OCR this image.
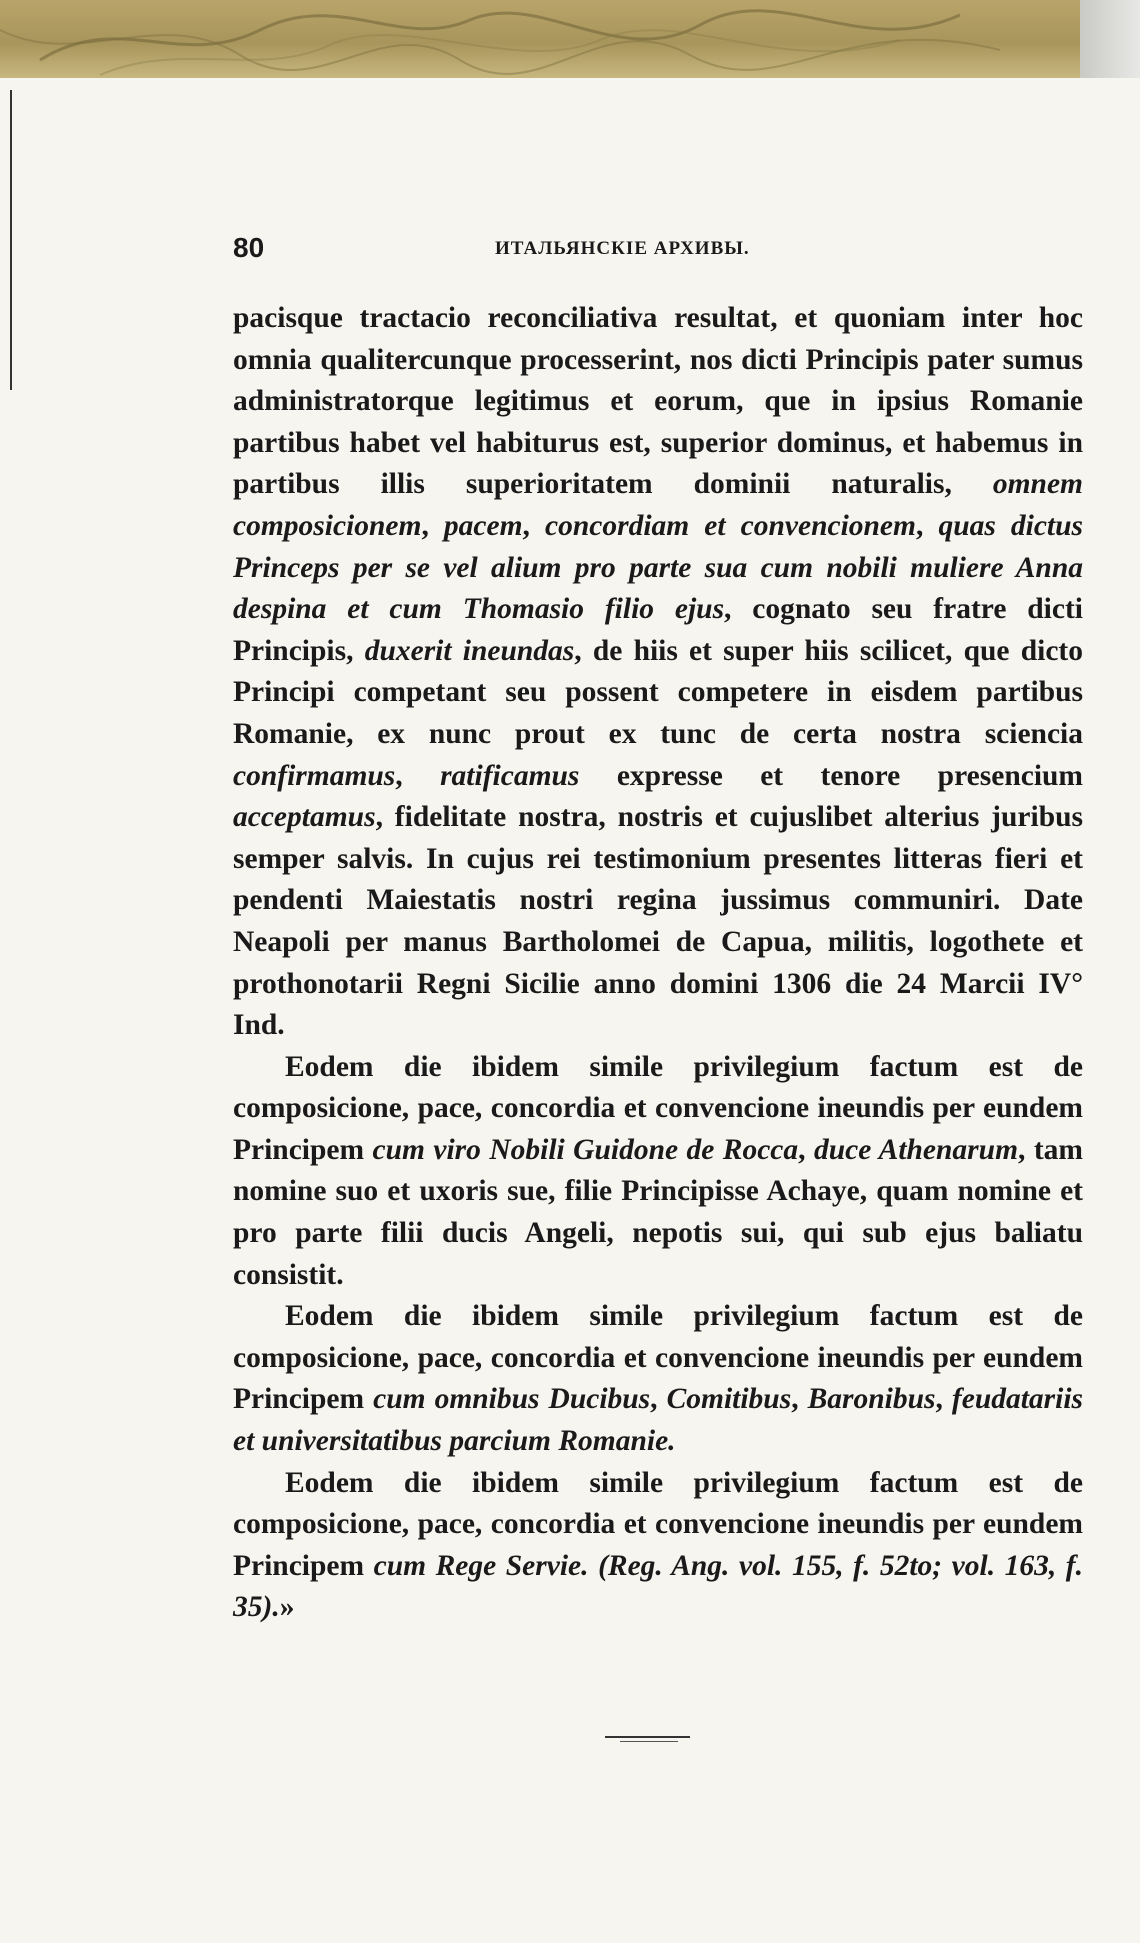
80	ИТАЛЬЯНСКІЕ АРХИВЫ.

pacisque tractacio reconciliativa resultat, et quoniam inter hoc omnia qualitercunque processerint, nos dicti Principis pater sumus administratorque legitimus et eorum, que in ipsius Romanie partibus habet vel habiturus est, superior dominus, et habemus in partibus illis superioritatem dominii naturalis, omnem composicionem, pacem, concordiam et convencionem, quas dictus Princeps per se vel alium pro parte sua cum nobili muliere Anna despina et cum Thomasio filio ejus, cognato seu fratre dicti Principis, duxerit ineundas, de hiis et super hiis scilicet, que dicto Principi competant seu possent competere in eisdem partibus Romanie, ex nunc prout ex tunc de certa nostra sciencia confirmamus, ratificamus expresse et tenore presencium acceptamus, fidelitate nostra, nostris et cujuslibet alterius juribus semper salvis. In cujus rei testimonium presentes litteras fieri et pendenti Maiestatis nostri regina jussimus communiri. Date Neapoli per manus Bartholomei de Capua, militis, logothete et prothonotarii Regni Sicilie anno domini 1306 die 24 Marcii IV° Ind.

Eodem die ibidem simile privilegium factum est de composicione, pace, concordia et convencione ineundis per eundem Principem cum viro Nobili Guidone de Rocca, duce Athenarum, tam nomine suo et uxoris sue, filie Principisse Achaye, quam nomine et pro parte filii ducis Angeli, nepotis sui, qui sub ejus baliatu consistit.

Eodem die ibidem simile privilegium factum est de composicione, pace, concordia et convencione ineundis per eundem Principem cum omnibus Ducibus, Comitibus, Baronibus, feudatariis et universitatibus parcium Romanie.

Eodem die ibidem simile privilegium factum est de composicione, pace, concordia et convencione ineundis per eundem Principem cum Rege Servie. (Reg. Ang. vol. 155, f. 52to; vol. 163, f. 35).»
